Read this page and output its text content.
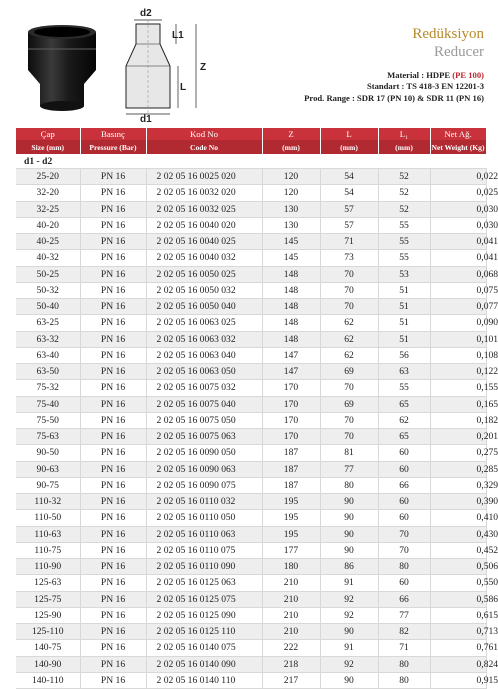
d2
L1
L
Z
d1
Redüksiyon
Reducer
Material : HDPE (PE 100)
Standart : TS 418-3 EN 12201-3
Prod. Range : SDR 17 (PN 10) & SDR 11 (PN 16)
Çap	Basınç	Kod No	Z	L	L₁	Net Ağ.
Size (mm)	Pressure (Bar)	Code No	(mm)	(mm)	(mm)	Net Weight (Kg)
d1 - d2						
25-20	PN 16	2 02 05 16 0025 020	120	54	52	0,022
32-20	PN 16	2 02 05 16 0032 020	120	54	52	0,025
32-25	PN 16	2 02 05 16 0032 025	130	57	52	0,030
40-20	PN 16	2 02 05 16 0040 020	130	57	55	0,030
40-25	PN 16	2 02 05 16 0040 025	145	71	55	0,041
40-32	PN 16	2 02 05 16 0040 032	145	73	55	0,041
50-25	PN 16	2 02 05 16 0050 025	148	70	53	0,068
50-32	PN 16	2 02 05 16 0050 032	148	70	51	0,075
50-40	PN 16	2 02 05 16 0050 040	148	70	51	0,077
63-25	PN 16	2 02 05 16 0063 025	148	62	51	0,090
63-32	PN 16	2 02 05 16 0063 032	148	62	51	0,101
63-40	PN 16	2 02 05 16 0063 040	147	62	56	0,108
63-50	PN 16	2 02 05 16 0063 050	147	69	63	0,122
75-32	PN 16	2 02 05 16 0075 032	170	70	55	0,155
75-40	PN 16	2 02 05 16 0075 040	170	69	65	0,165
75-50	PN 16	2 02 05 16 0075 050	170	70	62	0,182
75-63	PN 16	2 02 05 16 0075 063	170	70	65	0,201
90-50	PN 16	2 02 05 16 0090 050	187	81	60	0,275
90-63	PN 16	2 02 05 16 0090 063	187	77	60	0,285
90-75	PN 16	2 02 05 16 0090 075	187	80	66	0,329
110-32	PN 16	2 02 05 16 0110 032	195	90	60	0,390
110-50	PN 16	2 02 05 16 0110 050	195	90	60	0,410
110-63	PN 16	2 02 05 16 0110 063	195	90	70	0,430
110-75	PN 16	2 02 05 16 0110 075	177	90	70	0,452
110-90	PN 16	2 02 05 16 0110 090	180	86	80	0,506
125-63	PN 16	2 02 05 16 0125 063	210	91	60	0,550
125-75	PN 16	2 02 05 16 0125 075	210	92	66	0,586
125-90	PN 16	2 02 05 16 0125 090	210	92	77	0,615
125-110	PN 16	2 02 05 16 0125 110	210	90	82	0,713
140-75	PN 16	2 02 05 16 0140 075	222	91	71	0,761
140-90	PN 16	2 02 05 16 0140 090	218	92	80	0,824
140-110	PN 16	2 02 05 16 0140 110	217	90	80	0,915
